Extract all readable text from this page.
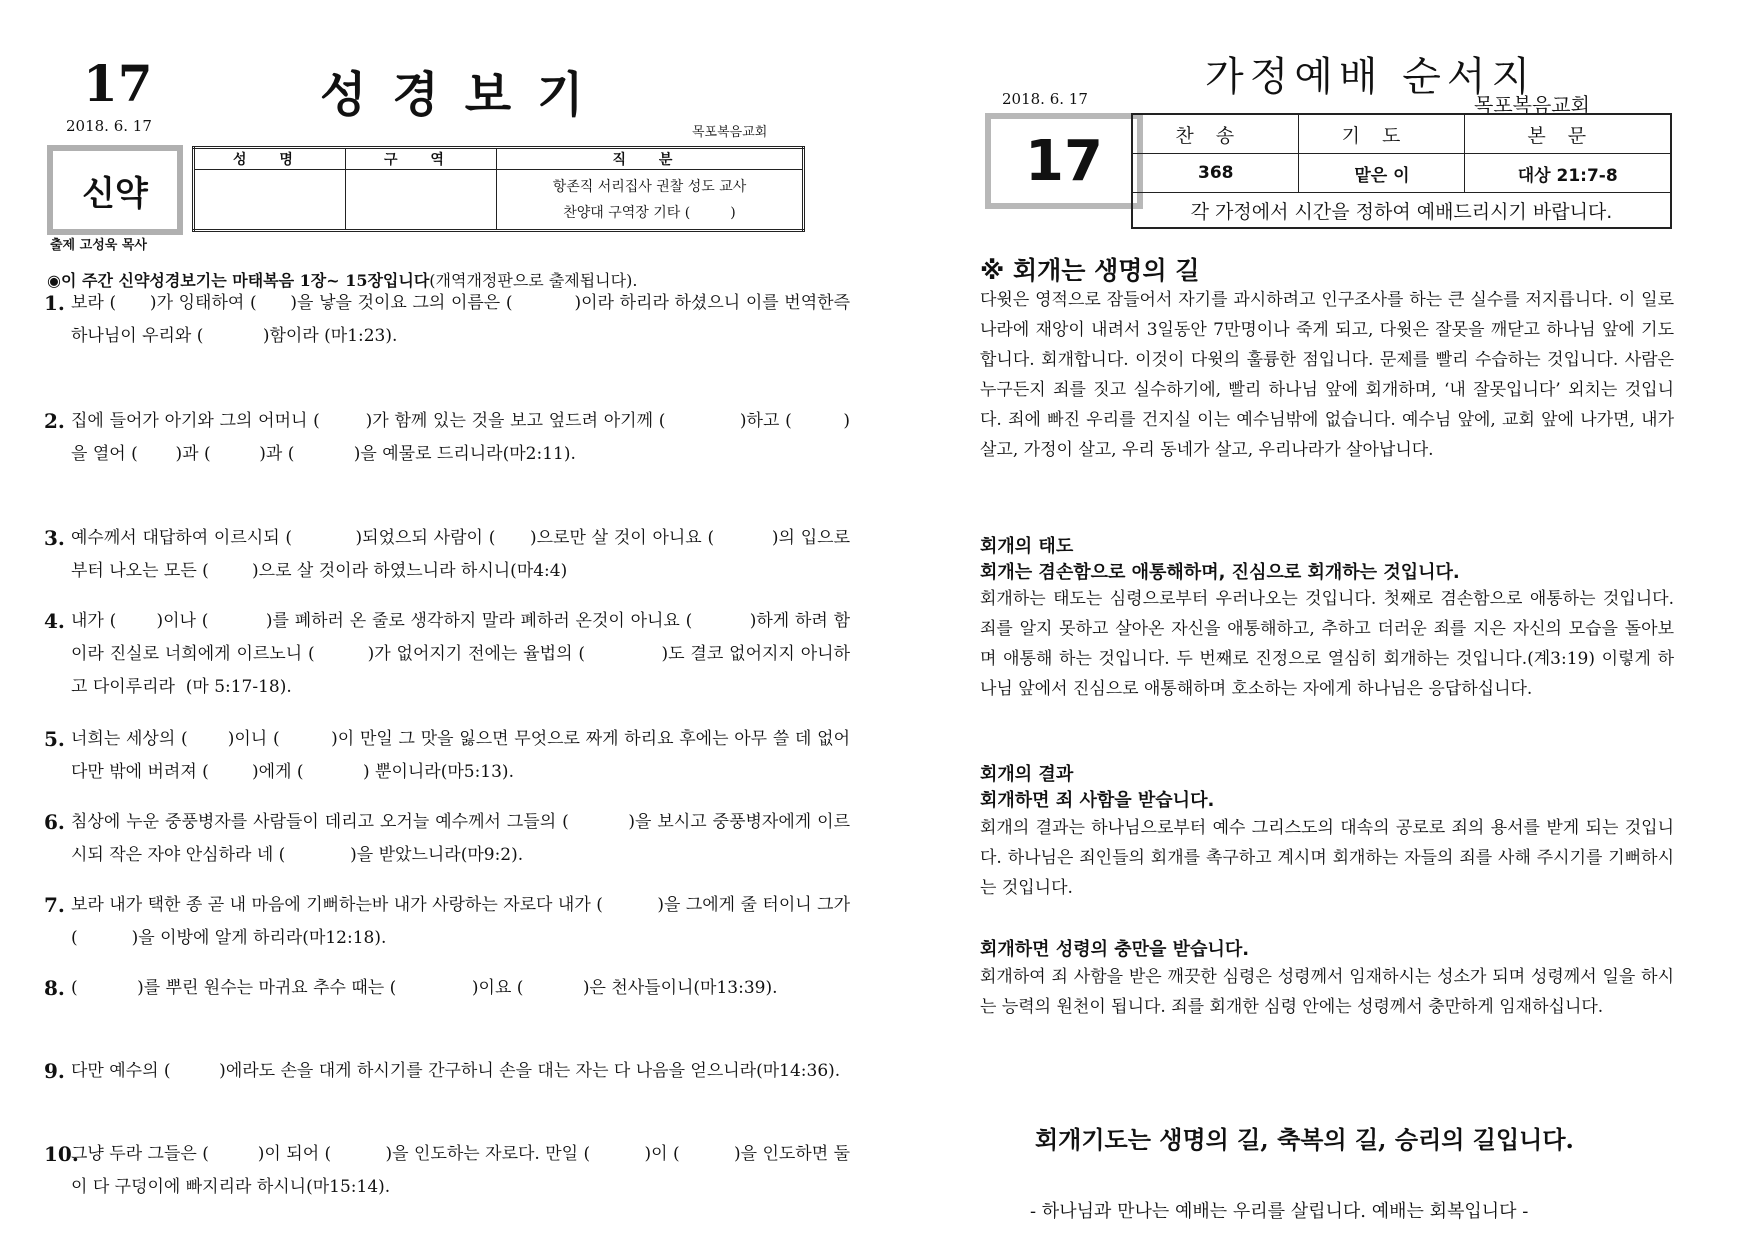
17	성경보기
2018. 6. 17	목포복음교회
신약
출제 고성욱 목사
성 명	구 역	직 분

		항존직 서리집사 권찰 성도 교사
찬양대 구역장 기타 (         )
◉이 주간 신약성경보기는 마태복음 1장~ 15장입니다(개역개정판으로 출제됩니다).
1. 보라 (      )가 잉태하여 (      )을 낳을 것이요 그의 이름은 (           )이라 하리라 하셨으니 이를 번역한즉 하나님이 우리와 (           )함이라 (마1:23).
2. 집에 들어가 아기와 그의 어머니 (        )가 함께 있는 것을 보고 엎드려 아기께 (             )하고 (         )을 열어 (       )과 (         )과 (           )을 예물로 드리니라(마2:11).
3. 예수께서 대답하여 이르시되 (           )되었으되 사람이 (      )으로만 살 것이 아니요 (          )의 입으로부터 나오는 모든 (        )으로 살 것이라 하였느니라 하시니(마4:4)
4. 내가 (       )이나 (          )를 폐하러 온 줄로 생각하지 말라 폐하러 온것이 아니요 (          )하게 하려 함이라 진실로 너희에게 이르노니 (         )가 없어지기 전에는 율법의 (             )도 결코 없어지지 아니하고 다이루리라  (마 5:17-18).
5. 너희는 세상의 (       )이니 (         )이 만일 그 맛을 잃으면 무엇으로 짜게 하리요 후에는 아무 쓸 데 없어 다만 밖에 버려져 (        )에게 (           ) 뿐이니라(마5:13).
6. 침상에 누운 중풍병자를 사람들이 데리고 오거늘 예수께서 그들의 (          )을 보시고 중풍병자에게 이르시되 작은 자야 안심하라 네 (            )을 받았느니라(마9:2).
7. 보라 내가 택한 종 곧 내 마음에 기뻐하는바 내가 사랑하는 자로다 내가 (          )을 그에게 줄 터이니 그가 (          )을 이방에 알게 하리라(마12:18).
8. (           )를 뿌린 원수는 마귀요 추수 때는 (              )이요 (           )은 천사들이니(마13:39).
9. 다만 예수의 (         )에라도 손을 대게 하시기를 간구하니 손을 대는 자는 다 나음을 얻으니라(마14:36).
10.
그냥 두라 그들은 (         )이 되어 (          )을 인도하는 자로다. 만일 (          )이 (          )을 인도하면 둘이 다 구덩이에 빠지리라 하시니(마15:14).
가정예배 순서지
2018. 6. 17	목포복음교회
17	찬송	기도	본문
368	맡은 이	대상 21:7-8
각 가정에서 시간을 정하여 예배드리시기 바랍니다.		
※ 회개는 생명의 길
다윗은 영적으로 잠들어서 자기를 과시하려고 인구조사를 하는 큰 실수를 저지릅니다. 이 일로 나라에 재앙이 내려서 3일동안 7만명이나 죽게 되고, 다윗은 잘못을 깨닫고 하나님 앞에 기도합니다. 회개합니다. 이것이 다윗의 훌륭한 점입니다. 문제를 빨리 수습하는 것입니다. 사람은 누구든지 죄를 짓고 실수하기에, 빨리 하나님 앞에 회개하며, ‘내 잘못입니다’ 외치는 것입니다. 죄에 빠진 우리를 건지실 이는 예수님밖에 없습니다. 예수님 앞에, 교회 앞에 나가면, 내가 살고, 가정이 살고, 우리 동네가 살고, 우리나라가 살아납니다.
회개의 태도
회개는 겸손함으로 애통해하며, 진심으로 회개하는 것입니다.
회개하는 태도는 심령으로부터 우러나오는 것입니다. 첫째로 겸손함으로 애통하는 것입니다. 죄를 알지 못하고 살아온 자신을 애통해하고, 추하고 더러운 죄를 지은 자신의 모습을 돌아보며 애통해 하는 것입니다. 두 번째로 진정으로 열심히 회개하는 것입니다.(계3:19) 이렇게 하나님 앞에서 진심으로 애통해하며 호소하는 자에게 하나님은 응답하십니다.
회개의 결과
회개하면 죄 사함을 받습니다.
회개의 결과는 하나님으로부터 예수 그리스도의 대속의 공로로 죄의 용서를 받게 되는 것입니다. 하나님은 죄인들의 회개를 촉구하고 계시며 회개하는 자들의 죄를 사해 주시기를 기뻐하시는 것입니다.
회개하면 성령의 충만을 받습니다.
회개하여 죄 사함을 받은 깨끗한 심령은 성령께서 임재하시는 성소가 되며 성령께서 일을 하시는 능력의 원천이 됩니다. 죄를 회개한 심령 안에는 성령께서 충만하게 임재하십니다.
회개기도는 생명의 길, 축복의 길, 승리의 길입니다.
- 하나님과 만나는 예배는 우리를 살립니다. 예배는 회복입니다 -
